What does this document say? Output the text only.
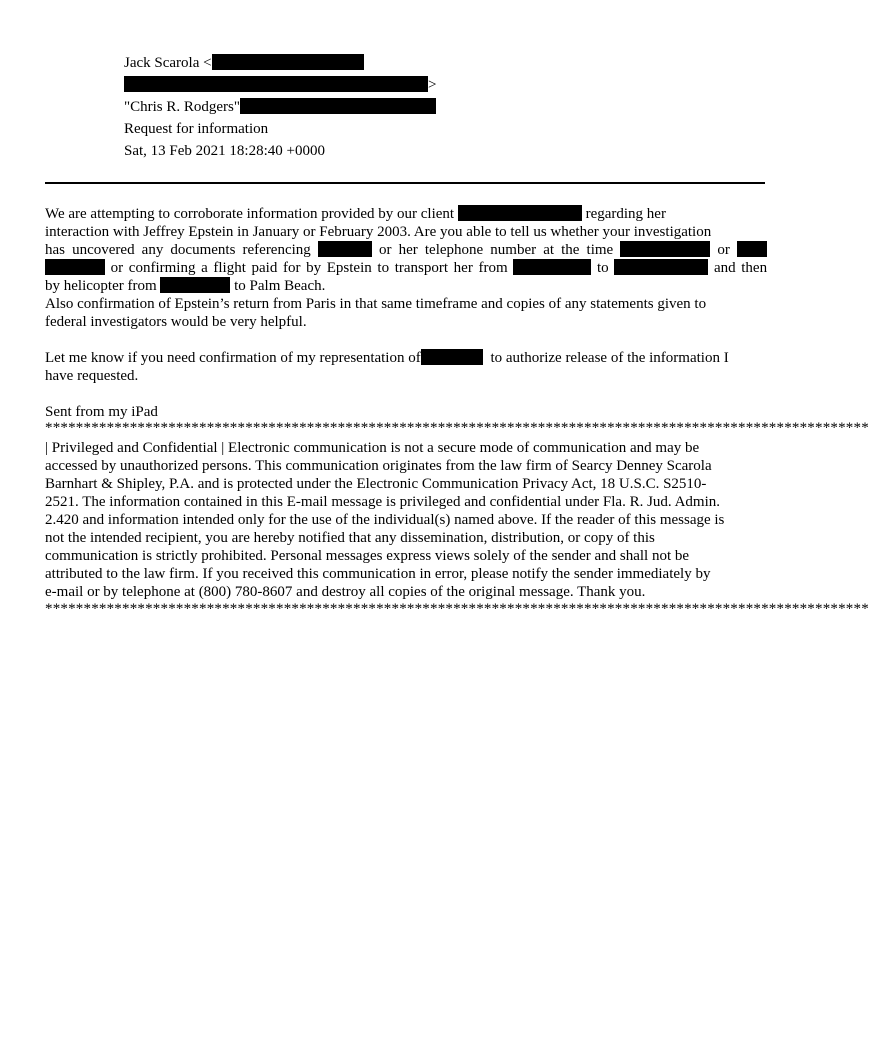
Jack Scarola <
>
"Chris R. Rodgers"
Request for information
Sat, 13 Feb 2021 18:28:40 +0000
We are attempting to corroborate information provided by our client	regarding her
interaction with Jeffrey Epstein in January or February 2003. Are you able to tell us whether your investigation
has uncovered any documents referencing	or her telephone number at the time	or
or confirming a flight paid for by Epstein to transport her from	to	and then
by helicopter from	to Palm Beach.
Also confirmation of Epstein’s return from Paris in that same timeframe and copies of any statements given to
federal investigators would be very helpful.
Let me know if you need confirmation of my representation of	to authorize release of the information I
have requested.
Sent from my iPad
***********************************************************************************************************
| Privileged and Confidential | Electronic communication is not a secure mode of communication and may be
accessed by unauthorized persons. This communication originates from the law firm of Searcy Denney Scarola
Barnhart & Shipley, P.A. and is protected under the Electronic Communication Privacy Act, 18 U.S.C. S2510-
2521. The information contained in this E-mail message is privileged and confidential under Fla. R. Jud. Admin.
2.420 and information intended only for the use of the individual(s) named above. If the reader of this message is
not the intended recipient, you are hereby notified that any dissemination, distribution, or copy of this
communication is strictly prohibited. Personal messages express views solely of the sender and shall not be
attributed to the law firm. If you received this communication in error, please notify the sender immediately by
e-mail or by telephone at (800) 780-8607 and destroy all copies of the original message. Thank you.
***********************************************************************************************************
